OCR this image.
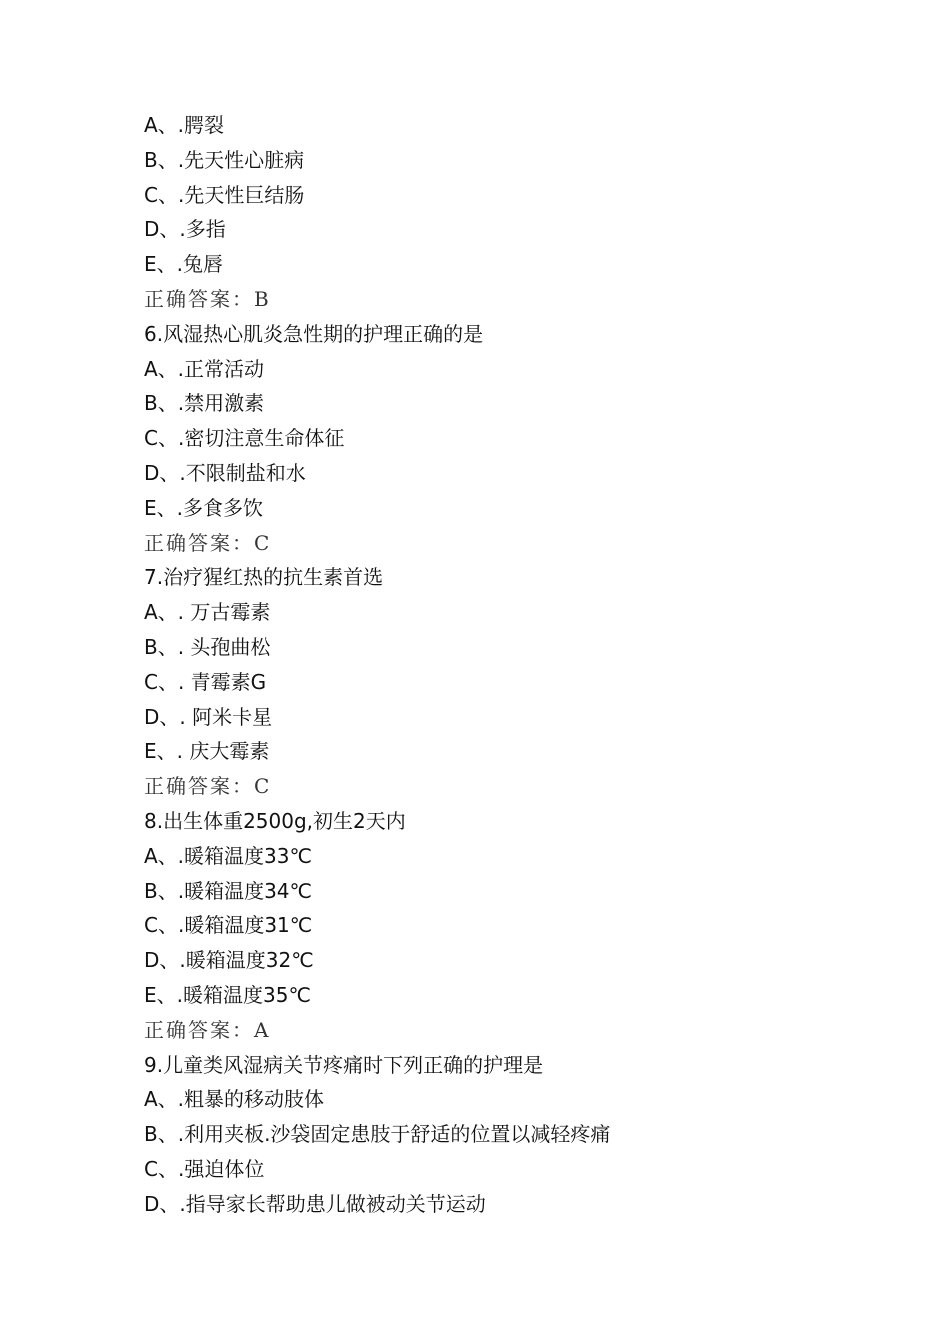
A、.腭裂
B、.先天性心脏病
C、.先天性巨结肠
D、.多指
E、.兔唇
正确答案：B
6.风湿热心肌炎急性期的护理正确的是
A、.正常活动
B、.禁用激素
C、.密切注意生命体征
D、.不限制盐和水
E、.多食多饮
正确答案：C
7.治疗猩红热的抗生素首选
A、. 万古霉素
B、. 头孢曲松
C、. 青霉素G
D、. 阿米卡星
E、. 庆大霉素
正确答案：C
8.出生体重2500g,初生2天内
A、.暖箱温度33℃
B、.暖箱温度34℃
C、.暖箱温度31℃
D、.暖箱温度32℃
E、.暖箱温度35℃
正确答案：A
9.儿童类风湿病关节疼痛时下列正确的护理是
A、.粗暴的移动肢体
B、.利用夹板.沙袋固定患肢于舒适的位置以减轻疼痛
C、.强迫体位
D、.指导家长帮助患儿做被动关节运动
